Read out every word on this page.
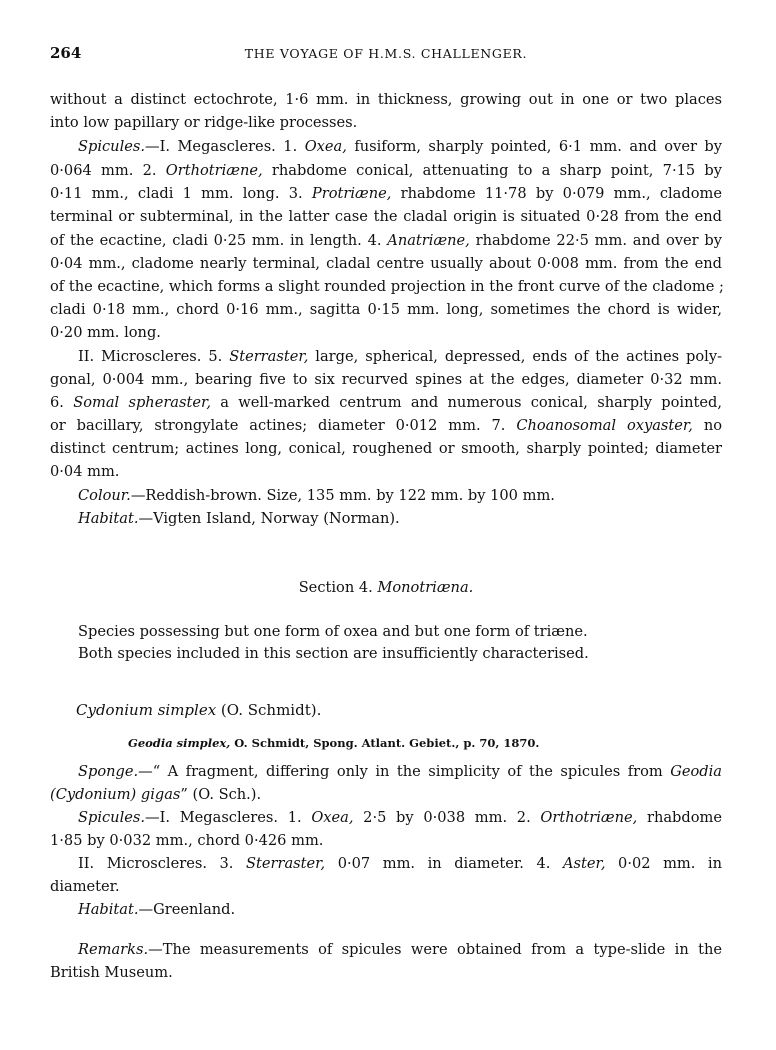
264	THE VOYAGE OF H.M.S. CHALLENGER.
without a distinct ectochrote, 1·6 mm. in thickness, growing out in one or two places
into low papillary or ridge-like processes.
Spicules.—I. Megascleres. 1. Oxea, fusiform, sharply pointed, 6·1 mm. and over by
0·064 mm. 2. Orthotriæne, rhabdome conical, attenuating to a sharp point, 7·15 by
0·11 mm., cladi 1 mm. long. 3. Protriæne, rhabdome 11·78 by 0·079 mm., cladome
terminal or subterminal, in the latter case the cladal origin is situated 0·28 from the end
of the ecactine, cladi 0·25 mm. in length. 4. Anatriæne, rhabdome 22·5 mm. and over by
0·04 mm., cladome nearly terminal, cladal centre usually about 0·008 mm. from the end
of the ecactine, which forms a slight rounded projection in the front curve of the cladome ;
cladi 0·18 mm., chord 0·16 mm., sagitta 0·15 mm. long, sometimes the chord is wider,
0·20 mm. long.
II. Microscleres. 5. Sterraster, large, spherical, depressed, ends of the actines poly-
gonal, 0·004 mm., bearing five to six recurved spines at the edges, diameter 0·32 mm.
6. Somal spheraster, a well-marked centrum and numerous conical, sharply pointed,
or bacillary, strongylate actines; diameter 0·012 mm. 7. Choanosomal oxyaster, no
distinct centrum; actines long, conical, roughened or smooth, sharply pointed; diameter
0·04 mm.
Colour.—Reddish-brown. Size, 135 mm. by 122 mm. by 100 mm.
Habitat.—Vigten Island, Norway (Norman).
Section 4. Monotriæna.
Species possessing but one form of oxea and but one form of triæne.
Both species included in this section are insufficiently characterised.
Cydonium simplex (O. Schmidt).
Geodia simplex, O. Schmidt, Spong. Atlant. Gebiet., p. 70, 1870.
Sponge.—“ A fragment, differing only in the simplicity of the spicules from Geodia
(Cydonium) gigas” (O. Sch.).
Spicules.—I. Megascleres. 1. Oxea, 2·5 by 0·038 mm. 2. Orthotriæne, rhabdome
1·85 by 0·032 mm., chord 0·426 mm.
II. Microscleres. 3. Sterraster, 0·07 mm. in diameter. 4. Aster, 0·02 mm. in
diameter.
Habitat.—Greenland.
Remarks.—The measurements of spicules were obtained from a type-slide in the
British Museum.
